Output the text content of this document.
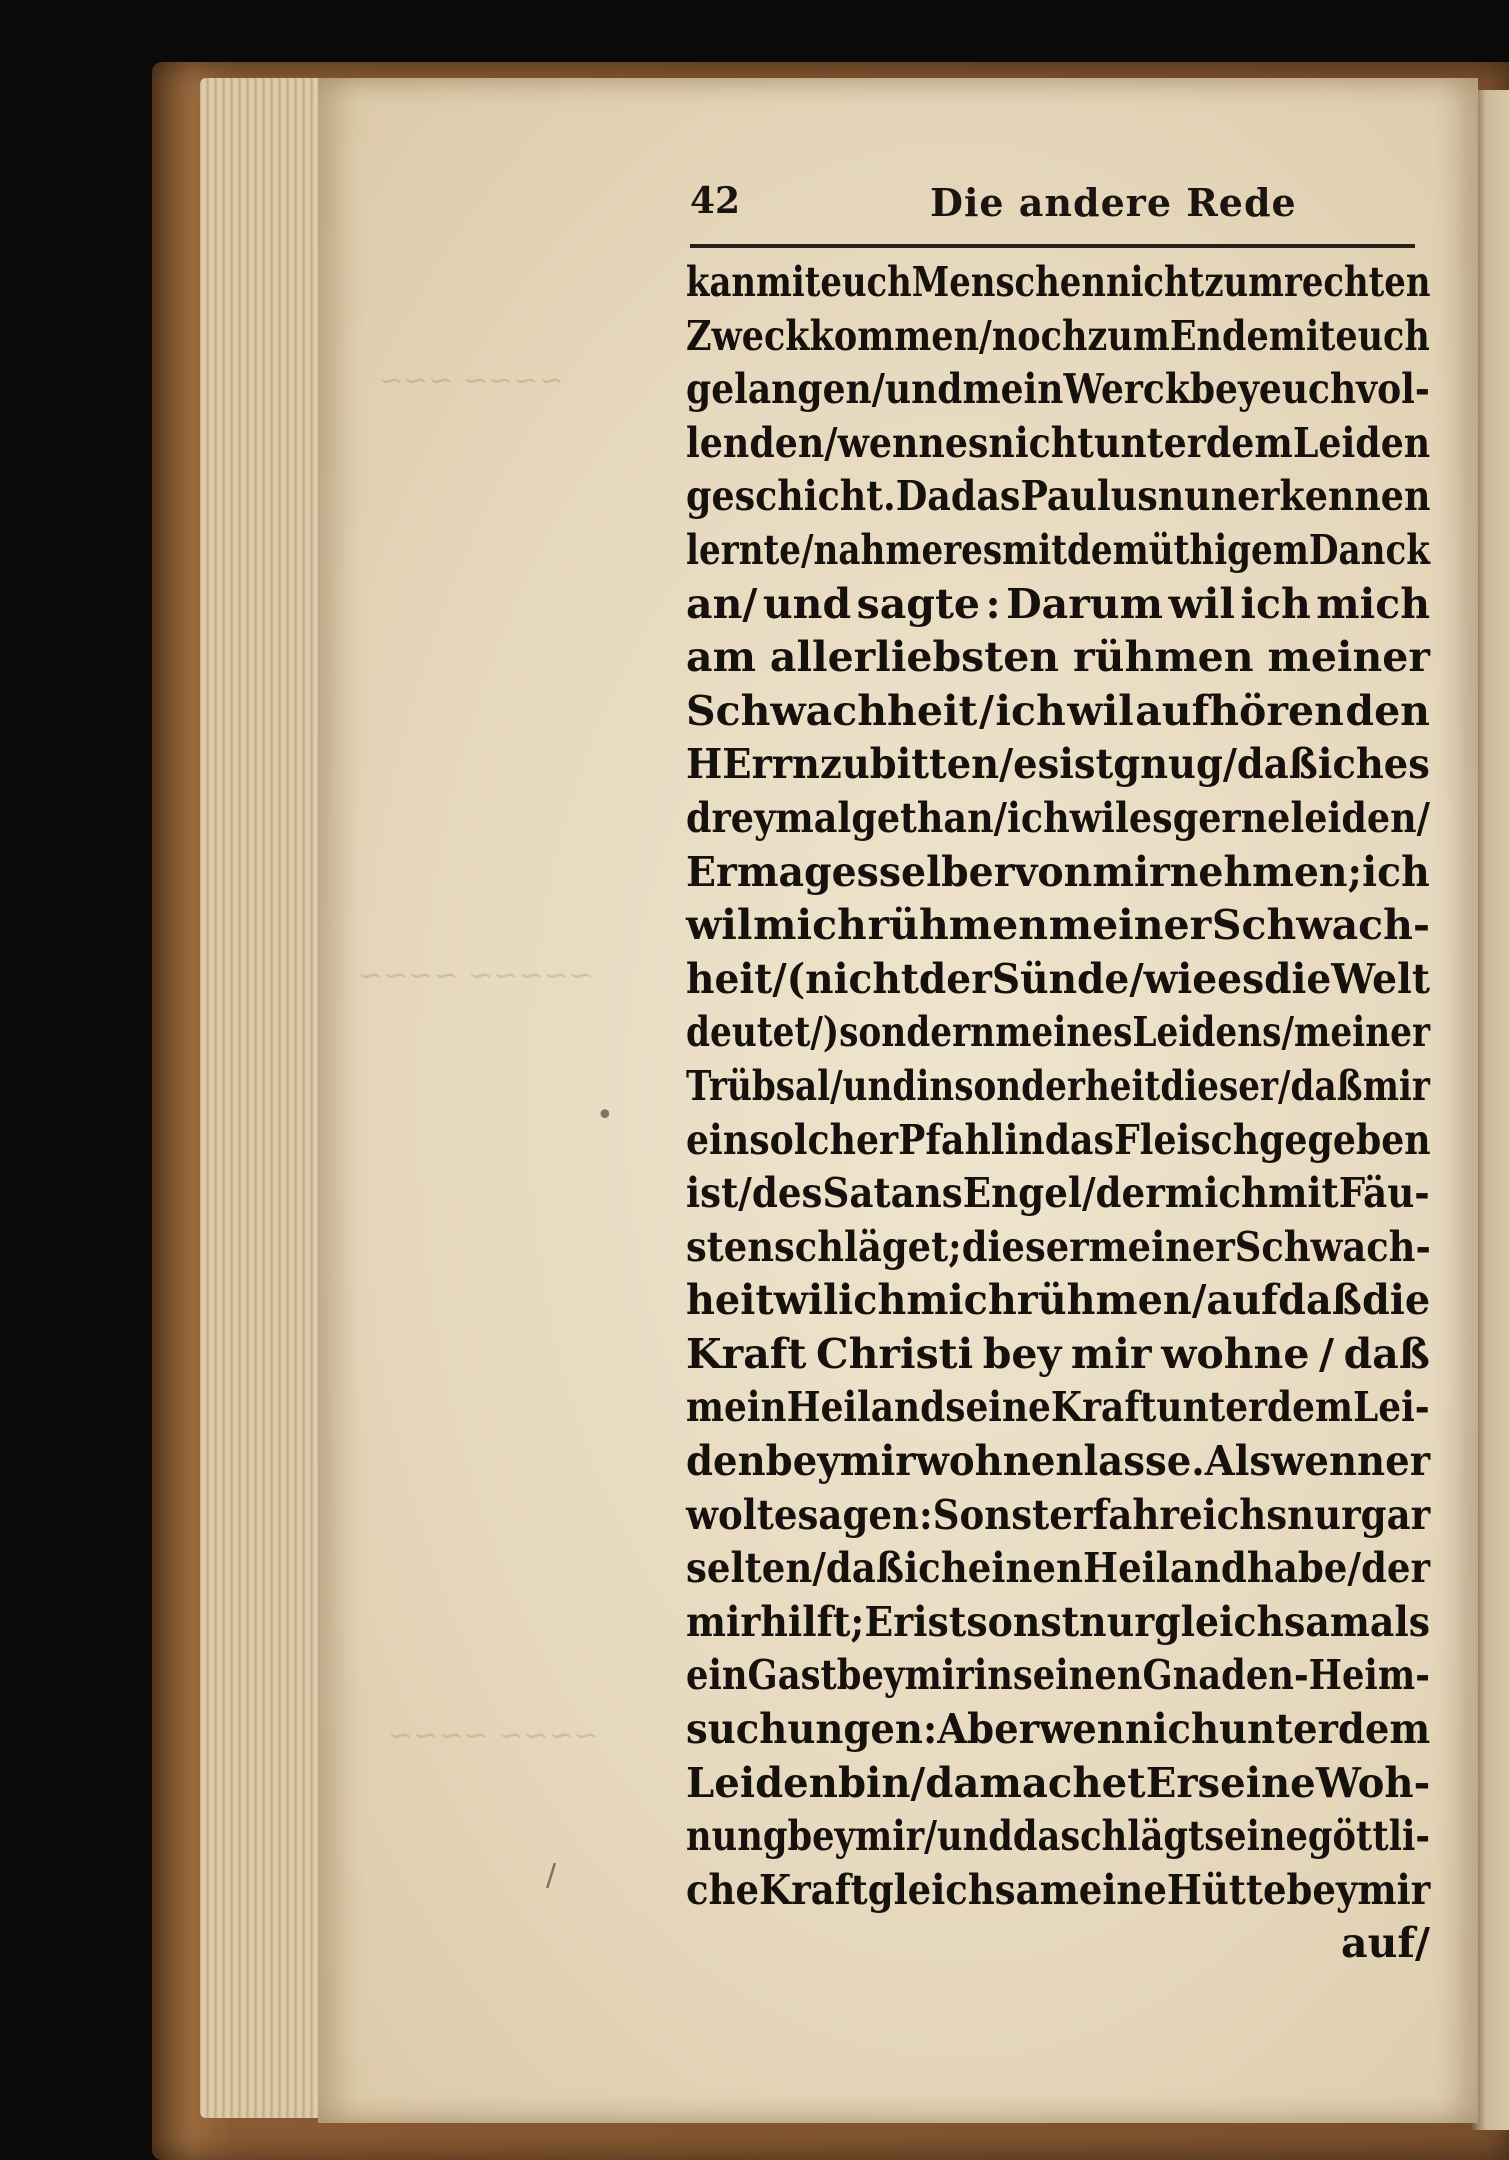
~~~~ ~~~
~~~~~ ~~~~
~~~~ ~~~~
•
/
42	Die andere Rede
kan mit euch Menschen nicht zum rechten
Zweck kommen/ noch zum Ende mit euch
gelangen/ und mein Werck bey euch vol-
lenden / wenn es nicht unter dem Leiden
geschicht. Da das Paulus nun erkennen
lernte/nahm er es mit demüthigem Danck
an/ und sagte : Darum wil ich mich
am allerliebsten rühmen meiner
Schwachheit / ich wil aufhören den
HErrn zu bitten/ es ist gnug / daß ich es
dreymal gethan / ich wil es gerne leiden/
Er mag es selber von mir nehmen ; ich
wil mich rühmen meiner Schwach-
heit/ (nicht der Sünde / wie es die Welt
deutet /) sondern meines Leidens/ meiner
Trübsal/und insonderheit dieser/daß mir
ein solcher Pfahl in das Fleisch gegeben
ist/ des Satans Engel/der mich mit Fäu-
sten schläget; dieser meiner Schwach-
heit wil ich mich rühmen / auf daß die
Kraft Christi bey mir wohne / daß
mein Heiland seine Kraft unter dem Lei-
den bey mir wohnen lasse. Als wenn er
wolte sagen : Sonst erfahre ichs nur gar
selten/ daß ich einen Heiland habe / der
mir hilft ; Er ist sonst nur gleichsam als
ein Gast bey mir in seinen Gnaden-Heim-
suchungen : Aber wenn ich unter dem
Leiden bin / da machet Er seine Woh-
nung bey mir/ und da schlägt seine göttli-
che Kraft gleichsam eine Hütte bey mir
auf/
